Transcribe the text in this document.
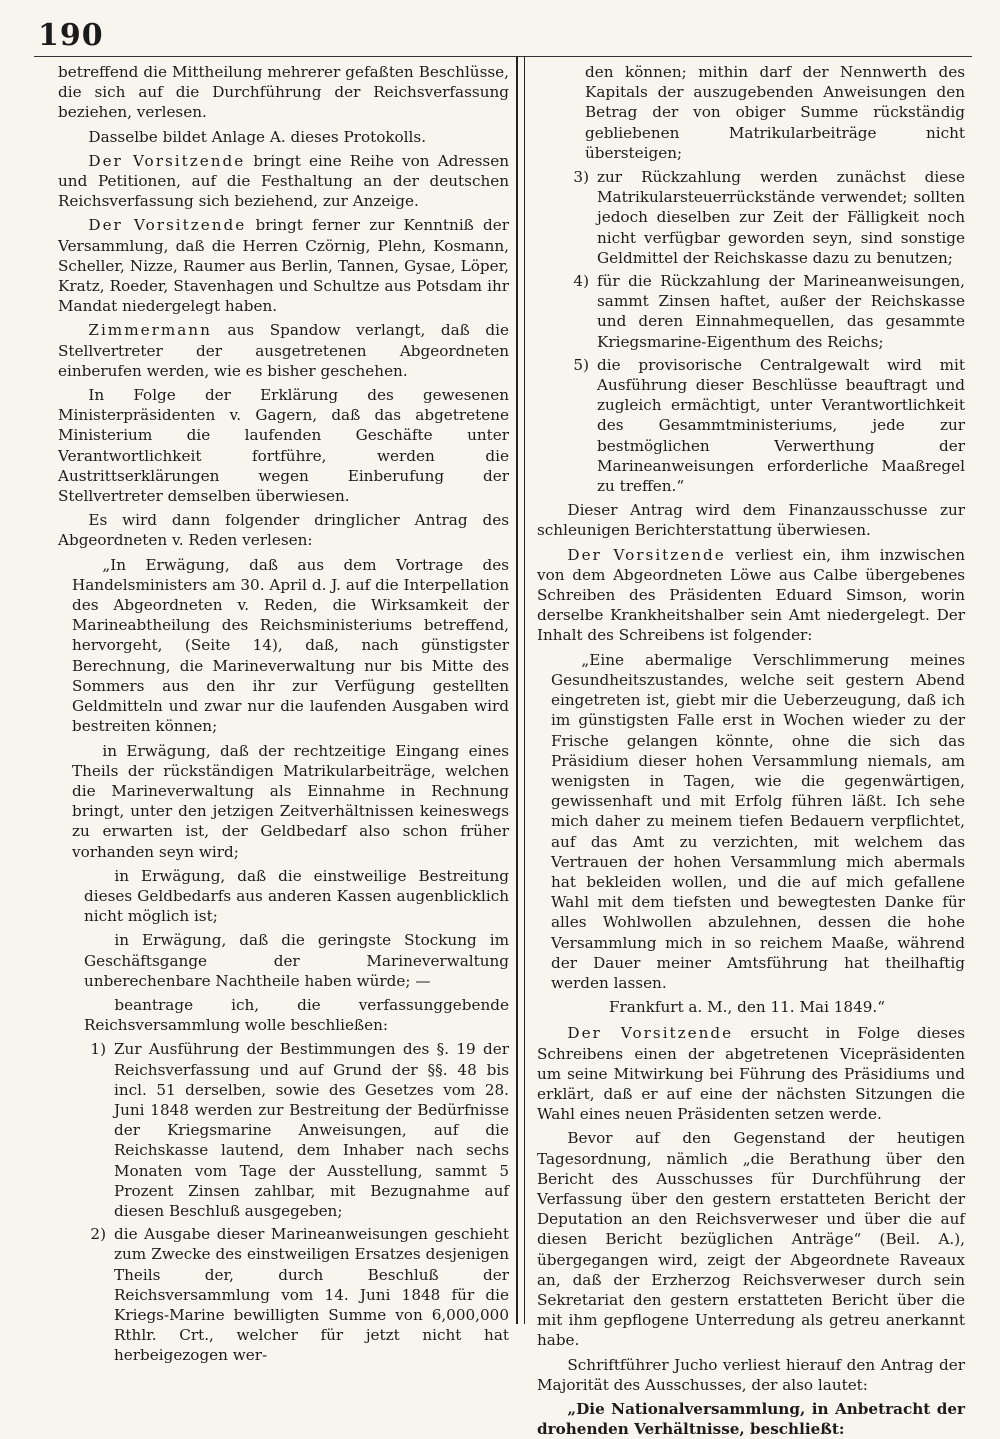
190

betreffend die Mittheilung mehrerer gefaßten Beschlüsse, die sich auf die Durchführung der Reichsverfassung beziehen, verlesen.

Dasselbe bildet Anlage A. dieses Protokolls.

Der Vorsitzende bringt eine Reihe von Adressen und Petitionen, auf die Festhaltung an der deutschen Reichsverfassung sich beziehend, zur Anzeige.

Der Vorsitzende bringt ferner zur Kenntniß der Versammlung, daß die Herren Czörnig, Plehn, Kosmann, Scheller, Nizze, Raumer aus Berlin, Tannen, Gysae, Löper, Kratz, Roeder, Stavenhagen und Schultze aus Potsdam ihr Mandat niedergelegt haben.

Zimmermann aus Spandow verlangt, daß die Stellvertreter der ausgetretenen Abgeordneten einberufen werden, wie es bisher geschehen.

In Folge der Erklärung des gewesenen Ministerpräsidenten v. Gagern, daß das abgetretene Ministerium die laufenden Geschäfte unter Verantwortlichkeit fortführe, werden die Austrittserklärungen wegen Einberufung der Stellvertreter demselben überwiesen.

Es wird dann folgender dringlicher Antrag des Abgeordneten v. Reden verlesen:

„In Erwägung, daß aus dem Vortrage des Handelsministers am 30. April d. J. auf die Interpellation des Abgeordneten v. Reden, die Wirksamkeit der Marineabtheilung des Reichsministeriums betreffend, hervorgeht, (Seite 14), daß, nach günstigster Berechnung, die Marineverwaltung nur bis Mitte des Sommers aus den ihr zur Verfügung gestellten Geldmitteln und zwar nur die laufenden Ausgaben wird bestreiten können;

in Erwägung, daß der rechtzeitige Eingang eines Theils der rückständigen Matrikularbeiträge, welchen die Marineverwaltung als Einnahme in Rechnung bringt, unter den jetzigen Zeitverhältnissen keineswegs zu erwarten ist, der Geldbedarf also schon früher vorhanden seyn wird;

in Erwägung, daß die einstweilige Bestreitung dieses Geldbedarfs aus anderen Kassen augenblicklich nicht möglich ist;

in Erwägung, daß die geringste Stockung im Geschäftsgange der Marineverwaltung unberechenbare Nachtheile haben würde; —

beantrage ich, die verfassunggebende Reichsversammlung wolle beschließen:

1) Zur Ausführung der Bestimmungen des §. 19 der Reichsverfassung und auf Grund der §§. 48 bis incl. 51 derselben, sowie des Gesetzes vom 28. Juni 1848 werden zur Bestreitung der Bedürfnisse der Kriegsmarine Anweisungen, auf die Reichskasse lautend, dem Inhaber nach sechs Monaten vom Tage der Ausstellung, sammt 5 Prozent Zinsen zahlbar, mit Bezugnahme auf diesen Beschluß ausgegeben;
2) die Ausgabe dieser Marineanweisungen geschieht zum Zwecke des einstweiligen Ersatzes desjenigen Theils der, durch Beschluß der Reichsversammlung vom 14. Juni 1848 für die Kriegs-Marine bewilligten Summe von 6,000,000 Rthlr. Crt., welcher für jetzt nicht hat herbeigezogen wer-

den können; mithin darf der Nennwerth des Kapitals der auszugebenden Anweisungen den Betrag der von obiger Summe rückständig gebliebenen Matrikularbeiträge nicht übersteigen;

3) zur Rückzahlung werden zunächst diese Matrikularsteuerrückstände verwendet; sollten jedoch dieselben zur Zeit der Fälligkeit noch nicht verfügbar geworden seyn, sind sonstige Geldmittel der Reichskasse dazu zu benutzen;
4) für die Rückzahlung der Marineanweisungen, sammt Zinsen haftet, außer der Reichskasse und deren Einnahmequellen, das gesammte Kriegsmarine-Eigenthum des Reichs;
5) die provisorische Centralgewalt wird mit Ausführung dieser Beschlüsse beauftragt und zugleich ermächtigt, unter Verantwortlichkeit des Gesammtministeriums, jede zur bestmöglichen Verwerthung der Marineanweisungen erforderliche Maaßregel zu treffen.“

Dieser Antrag wird dem Finanzausschusse zur schleunigen Berichterstattung überwiesen.

Der Vorsitzende verliest ein, ihm inzwischen von dem Abgeordneten Löwe aus Calbe übergebenes Schreiben des Präsidenten Eduard Simson, worin derselbe Krankheitshalber sein Amt niedergelegt. Der Inhalt des Schreibens ist folgender:

„Eine abermalige Verschlimmerung meines Gesundheitszustandes, welche seit gestern Abend eingetreten ist, giebt mir die Ueberzeugung, daß ich im günstigsten Falle erst in Wochen wieder zu der Frische gelangen könnte, ohne die sich das Präsidium dieser hohen Versammlung niemals, am wenigsten in Tagen, wie die gegenwärtigen, gewissenhaft und mit Erfolg führen läßt. Ich sehe mich daher zu meinem tiefen Bedauern verpflichtet, auf das Amt zu verzichten, mit welchem das Vertrauen der hohen Versammlung mich abermals hat bekleiden wollen, und die auf mich gefallene Wahl mit dem tiefsten und bewegtesten Danke für alles Wohlwollen abzulehnen, dessen die hohe Versammlung mich in so reichem Maaße, während der Dauer meiner Amtsführung hat theilhaftig werden lassen.

Frankfurt a. M., den 11. Mai 1849.“

Der Vorsitzende ersucht in Folge dieses Schreibens einen der abgetretenen Vicepräsidenten um seine Mitwirkung bei Führung des Präsidiums und erklärt, daß er auf eine der nächsten Sitzungen die Wahl eines neuen Präsidenten setzen werde.

Bevor auf den Gegenstand der heutigen Tagesordnung, nämlich „die Berathung über den Bericht des Ausschusses für Durchführung der Verfassung über den gestern erstatteten Bericht der Deputation an den Reichsverweser und über die auf diesen Bericht bezüglichen Anträge“ (Beil. A.), übergegangen wird, zeigt der Abgeordnete Raveaux an, daß der Erzherzog Reichsverweser durch sein Sekretariat den gestern erstatteten Bericht über die mit ihm gepflogene Unterredung als getreu anerkannt habe.

Schriftführer Jucho verliest hierauf den Antrag der Majorität des Ausschusses, der also lautet:

„Die Nationalversammlung, in Anbetracht der drohenden Verhältnisse, beschließt:
